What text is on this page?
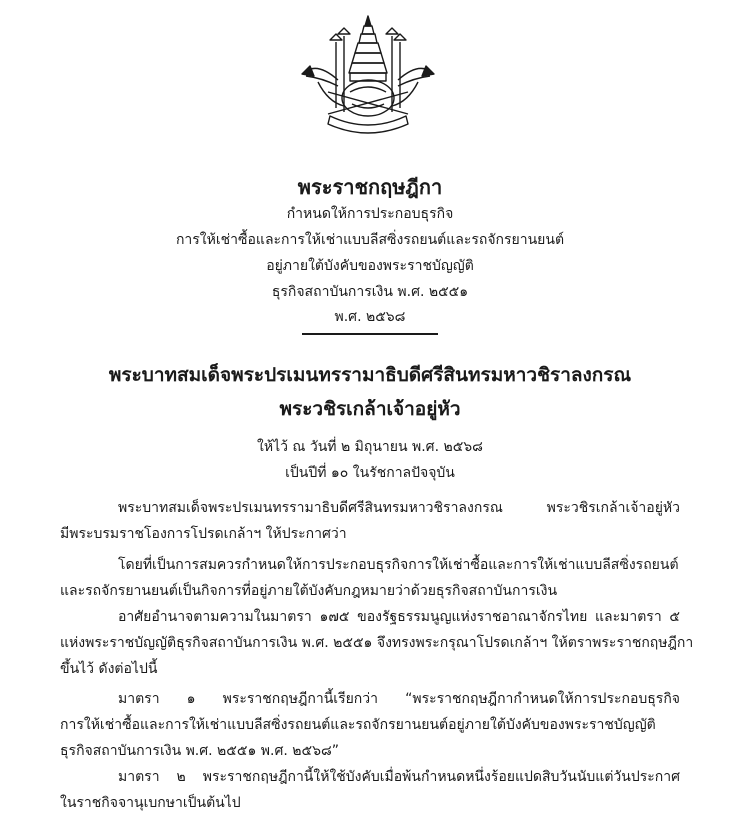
พระราชกฤษฎีกา
กำหนดให้การประกอบธุรกิจ
การให้เช่าซื้อและการให้เช่าแบบลีสซิ่งรถยนต์และรถจักรยานยนต์
อยู่ภายใต้บังคับของพระราชบัญญัติ
ธุรกิจสถาบันการเงิน พ.ศ. ๒๕๕๑
พ.ศ. ๒๕๖๘
พระบาทสมเด็จพระปรเมนทรรามาธิบดีศรีสินทรมหาวชิราลงกรณ
พระวชิรเกล้าเจ้าอยู่หัว
ให้ไว้ ณ วันที่ ๒ มิถุนายน พ.ศ. ๒๕๖๘
เป็นปีที่ ๑๐ ในรัชกาลปัจจุบัน
พระบาทสมเด็จพระปรเมนทรรามาธิบดีศรีสินทรมหาวชิราลงกรณ พระวชิรเกล้าเจ้าอยู่หัว
มีพระบรมราชโองการโปรดเกล้าฯ ให้ประกาศว่า
โดยที่เป็นการสมควรกำหนดให้การประกอบธุรกิจการให้เช่าซื้อและการให้เช่าแบบลีสซิ่งรถยนต์
และรถจักรยานยนต์เป็นกิจการที่อยู่ภายใต้บังคับกฎหมายว่าด้วยธุรกิจสถาบันการเงิน
อาศัยอำนาจตามความในมาตรา ๑๗๕ ของรัฐธรรมนูญแห่งราชอาณาจักรไทย และมาตรา ๕
แห่งพระราชบัญญัติธุรกิจสถาบันการเงิน พ.ศ. ๒๕๕๑ จึงทรงพระกรุณาโปรดเกล้าฯ ให้ตราพระราชกฤษฎีกา
ขึ้นไว้ ดังต่อไปนี้
มาตรา ๑ พระราชกฤษฎีกานี้เรียกว่า “พระราชกฤษฎีกากำหนดให้การประกอบธุรกิจ
การให้เช่าซื้อและการให้เช่าแบบลีสซิ่งรถยนต์และรถจักรยานยนต์อยู่ภายใต้บังคับของพระราชบัญญัติ
ธุรกิจสถาบันการเงิน พ.ศ. ๒๕๕๑ พ.ศ. ๒๕๖๘”
มาตรา ๒ พระราชกฤษฎีกานี้ให้ใช้บังคับเมื่อพ้นกำหนดหนึ่งร้อยแปดสิบวันนับแต่วันประกาศ
ในราชกิจจานุเบกษาเป็นต้นไป
